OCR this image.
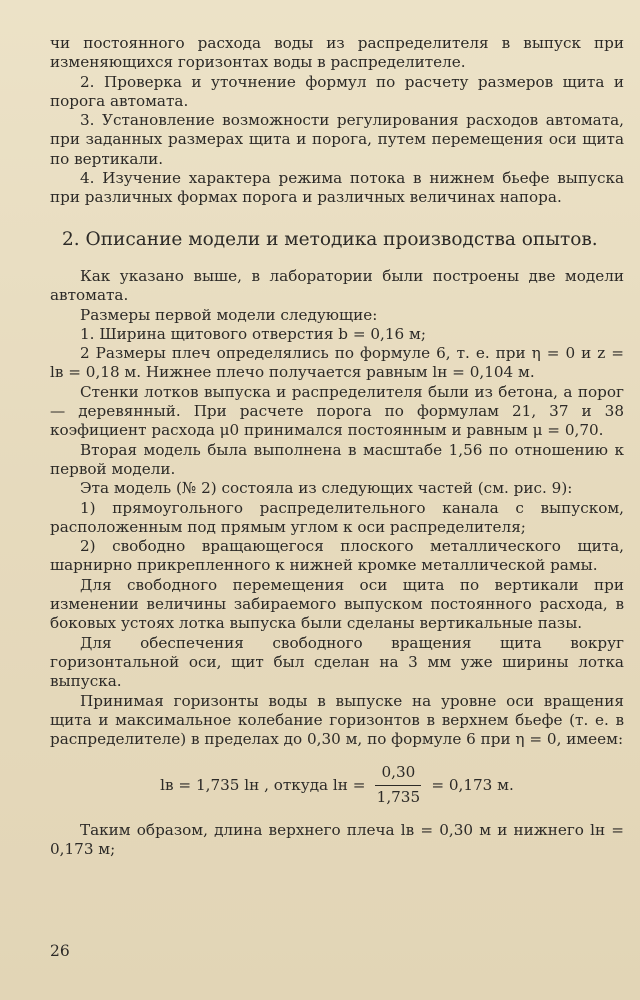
чи постоянного расхода воды из распределителя в выпуск при изменяющихся горизонтах воды в распределителе.

2. Проверка и уточнение формул по расчету размеров щита и порога автомата.

3. Установление возможности регулирования расходов автомата, при заданных размерах щита и порога, путем перемещения оси щита по вертикали.

4. Изучение характера режима потока в нижнем бьефе выпуска при различных формах порога и различных величинах напора.

2. Описание модели и методика производства опытов.

Как указано выше, в лаборатории были построены две модели автомата.

Размеры первой модели следующие:

1. Ширина щитового отверстия b = 0,16 м;

2 Размеры плеч определялись по формуле 6, т. е. при η = 0 и z = lв = 0,18 м. Нижнее плечо получается равным lн = 0,104 м.

Стенки лотков выпуска и распределителя были из бетона, а порог — деревянный. При расчете порога по формулам 21, 37 и 38 коэфициент расхода μ0 принимался постоянным и равным μ = 0,70.

Вторая модель была выполнена в масштабе 1,56 по отношению к первой модели.

Эта модель (№ 2) состояла из следующих частей (см. рис. 9):

1) прямоугольного распределительного канала с выпуском, расположенным под прямым углом к оси распределителя;

2) свободно вращающегося плоского металлического щита, шарнирно прикрепленного к нижней кромке металлической рамы.

Для свободного перемещения оси щита по вертикали при изменении величины забираемого выпуском постоянного расхода, в боковых устоях лотка выпуска были сделаны вертикальные пазы.

Для обеспечения свободного вращения щита вокруг горизонтальной оси, щит был сделан на 3 мм уже ширины лотка выпуска.

Принимая горизонты воды в выпуске на уровне оси вращения щита и максимальное колебание горизонтов в верхнем бьефе (т. е. в распределителе) в пределах до 0,30 м, по формуле 6 при η = 0, имеем:

lв = 1,735 lн , откуда lн = $\frac{0,30}{1,735} = 0,173$ м.

Таким образом, длина верхнего плеча lв = 0,30 м и нижнего lн = 0,173 м;

26
